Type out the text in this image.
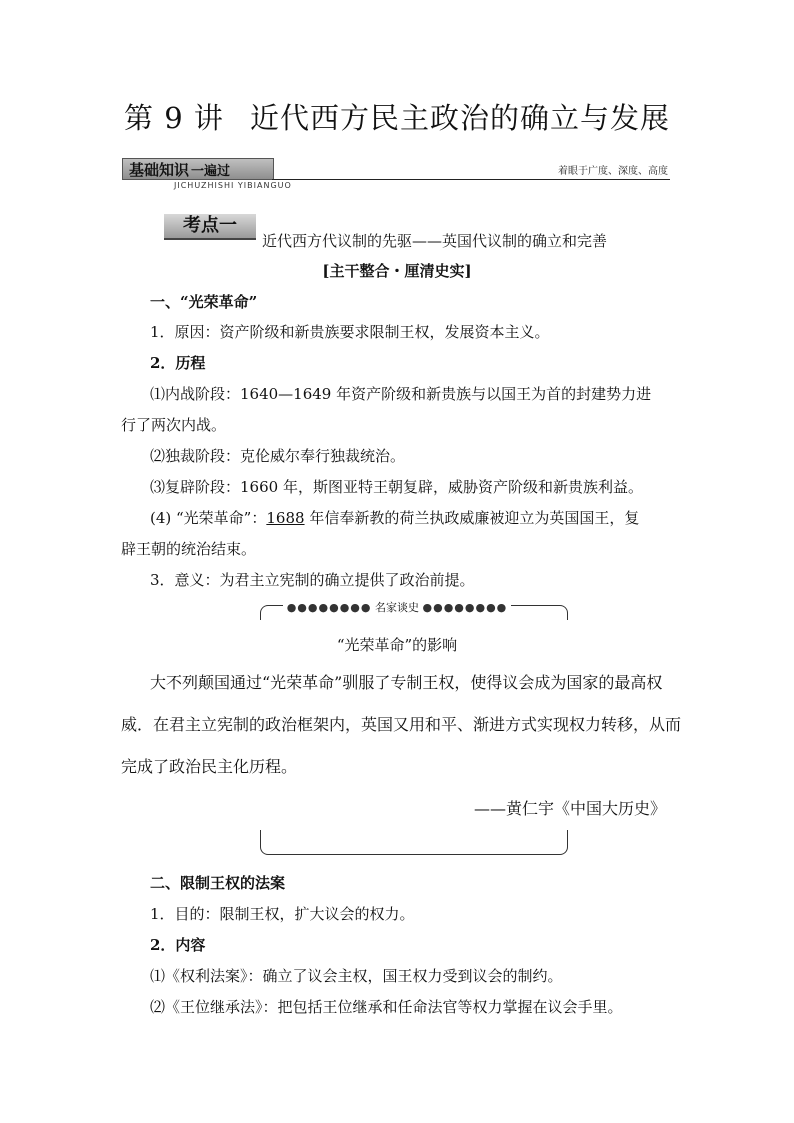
第 9 讲 近代西方民主政治的确立与发展
基础知识 一遍过
JICHUZHISHI YIBIANGUO
着眼于广度、深度、高度
考点一
近代西方代议制的先驱——英国代议制的确立和完善
[主干整合・厘清史实]
一、“光荣革命”
1．原因：资产阶级和新贵族要求限制王权，发展资本主义。
2．历程
⑴内战阶段：1640—1649 年资产阶级和新贵族与以国王为首的封建势力进
行了两次内战。
⑵独裁阶段：克伦威尔奉行独裁统治。
⑶复辟阶段：1660 年，斯图亚特王朝复辟，威胁资产阶级和新贵族利益。
(4) “光荣革命”：1688 年信奉新教的荷兰执政威廉被迎立为英国国王，复
辟王朝的统治结束。
3．意义：为君主立宪制的确立提供了政治前提。
●●●●●●●● 名家谈史 ●●●●●●●●
“光荣革命”的影响
大不列颠国通过“光荣革命”驯服了专制王权，使得议会成为国家的最高权
威．在君主立宪制的政治框架内，英国又用和平、渐进方式实现权力转移，从而
完成了政治民主化历程。
——黄仁宇《中国大历史》
二、限制王权的法案
1．目的：限制王权，扩大议会的权力。
2．内容
⑴《权利法案》：确立了议会主权，国王权力受到议会的制约。
⑵《王位继承法》：把包括王位继承和任命法官等权力掌握在议会手里。
